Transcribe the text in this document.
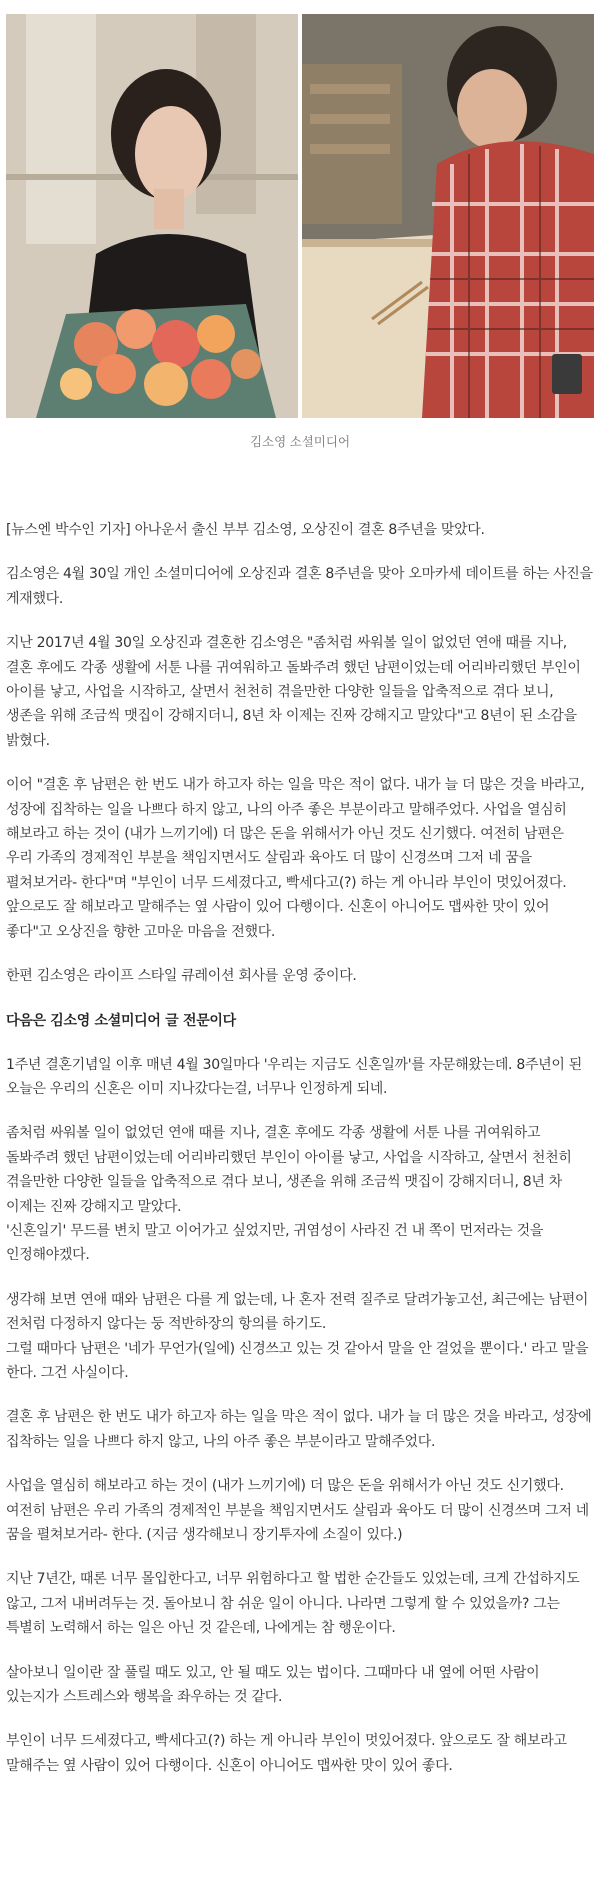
김소영 소셜미디어

[뉴스엔 박수인 기자] 아나운서 출신 부부 김소영, 오상진이 결혼 8주년을 맞았다.

김소영은 4월 30일 개인 소셜미디어에 오상진과 결혼 8주년을 맞아 오마카세 데이트를 하는 사진을 게재했다.

지난 2017년 4월 30일 오상진과 결혼한 김소영은 "좀처럼 싸워볼 일이 없었던 연애 때를 지나, 결혼 후에도 각종 생활에 서툰 나를 귀여워하고 돌봐주려 했던 남편이었는데 어리바리했던 부인이 아이를 낳고, 사업을 시작하고, 살면서 천천히 겪을만한 다양한 일들을 압축적으로 겪다 보니, 생존을 위해 조금씩 맷집이 강해지더니, 8년 차 이제는 진짜 강해지고 말았다"고 8년이 된 소감을 밝혔다.

이어 "결혼 후 남편은 한 번도 내가 하고자 하는 일을 막은 적이 없다. 내가 늘 더 많은 것을 바라고, 성장에 집착하는 일을 나쁘다 하지 않고, 나의 아주 좋은 부분이라고 말해주었다. 사업을 열심히 해보라고 하는 것이 (내가 느끼기에) 더 많은 돈을 위해서가 아닌 것도 신기했다. 여전히 남편은 우리 가족의 경제적인 부분을 책임지면서도 살림과 육아도 더 많이 신경쓰며 그저 네 꿈을 펼쳐보거라- 한다"며 "부인이 너무 드세졌다고, 빡세다고(?) 하는 게 아니라 부인이 멋있어졌다. 앞으로도 잘 해보라고 말해주는 옆 사람이 있어 다행이다. 신혼이 아니어도 맵싸한 맛이 있어 좋다"고 오상진을 향한 고마운 마음을 전했다.

한편 김소영은 라이프 스타일 큐레이션 회사를 운영 중이다.

다음은 김소영 소셜미디어 글 전문이다

1주년 결혼기념일 이후 매년 4월 30일마다 '우리는 지금도 신혼일까'를 자문해왔는데. 8주년이 된 오늘은 우리의 신혼은 이미 지나갔다는걸, 너무나 인정하게 되네.

좀처럼 싸워볼 일이 없었던 연애 때를 지나, 결혼 후에도 각종 생활에 서툰 나를 귀여워하고 돌봐주려 했던 남편이었는데 어리바리했던 부인이 아이를 낳고, 사업을 시작하고, 살면서 천천히 겪을만한 다양한 일들을 압축적으로 겪다 보니, 생존을 위해 조금씩 맷집이 강해지더니, 8년 차 이제는 진짜 강해지고 말았다.

'신혼일기' 무드를 변치 말고 이어가고 싶었지만, 귀염성이 사라진 건 내 쪽이 먼저라는 것을 인정해야겠다.

생각해 보면 연애 때와 남편은 다를 게 없는데, 나 혼자 전력 질주로 달려가놓고선, 최근에는 남편이 전처럼 다정하지 않다는 둥 적반하장의 항의를 하기도.

그럴 때마다 남편은 '네가 무언가(일에) 신경쓰고 있는 것 같아서 말을 안 걸었을 뿐이다.' 라고 말을 한다. 그건 사실이다.

결혼 후 남편은 한 번도 내가 하고자 하는 일을 막은 적이 없다. 내가 늘 더 많은 것을 바라고, 성장에 집착하는 일을 나쁘다 하지 않고, 나의 아주 좋은 부분이라고 말해주었다.

사업을 열심히 해보라고 하는 것이 (내가 느끼기에) 더 많은 돈을 위해서가 아닌 것도 신기했다. 여전히 남편은 우리 가족의 경제적인 부분을 책임지면서도 살림과 육아도 더 많이 신경쓰며 그저 네 꿈을 펼쳐보거라- 한다. (지금 생각해보니 장기투자에 소질이 있다.)

지난 7년간, 때론 너무 몰입한다고, 너무 위험하다고 할 법한 순간들도 있었는데, 크게 간섭하지도 않고, 그저 내버려두는 것. 돌아보니 참 쉬운 일이 아니다. 나라면 그렇게 할 수 있었을까? 그는 특별히 노력해서 하는 일은 아닌 것 같은데, 나에게는 참 행운이다.

살아보니 일이란 잘 풀릴 때도 있고, 안 될 때도 있는 법이다. 그때마다 내 옆에 어떤 사람이 있는지가 스트레스와 행복을 좌우하는 것 같다.

부인이 너무 드세졌다고, 빡세다고(?) 하는 게 아니라 부인이 멋있어졌다. 앞으로도 잘 해보라고 말해주는 옆 사람이 있어 다행이다. 신혼이 아니어도 맵싸한 맛이 있어 좋다.
